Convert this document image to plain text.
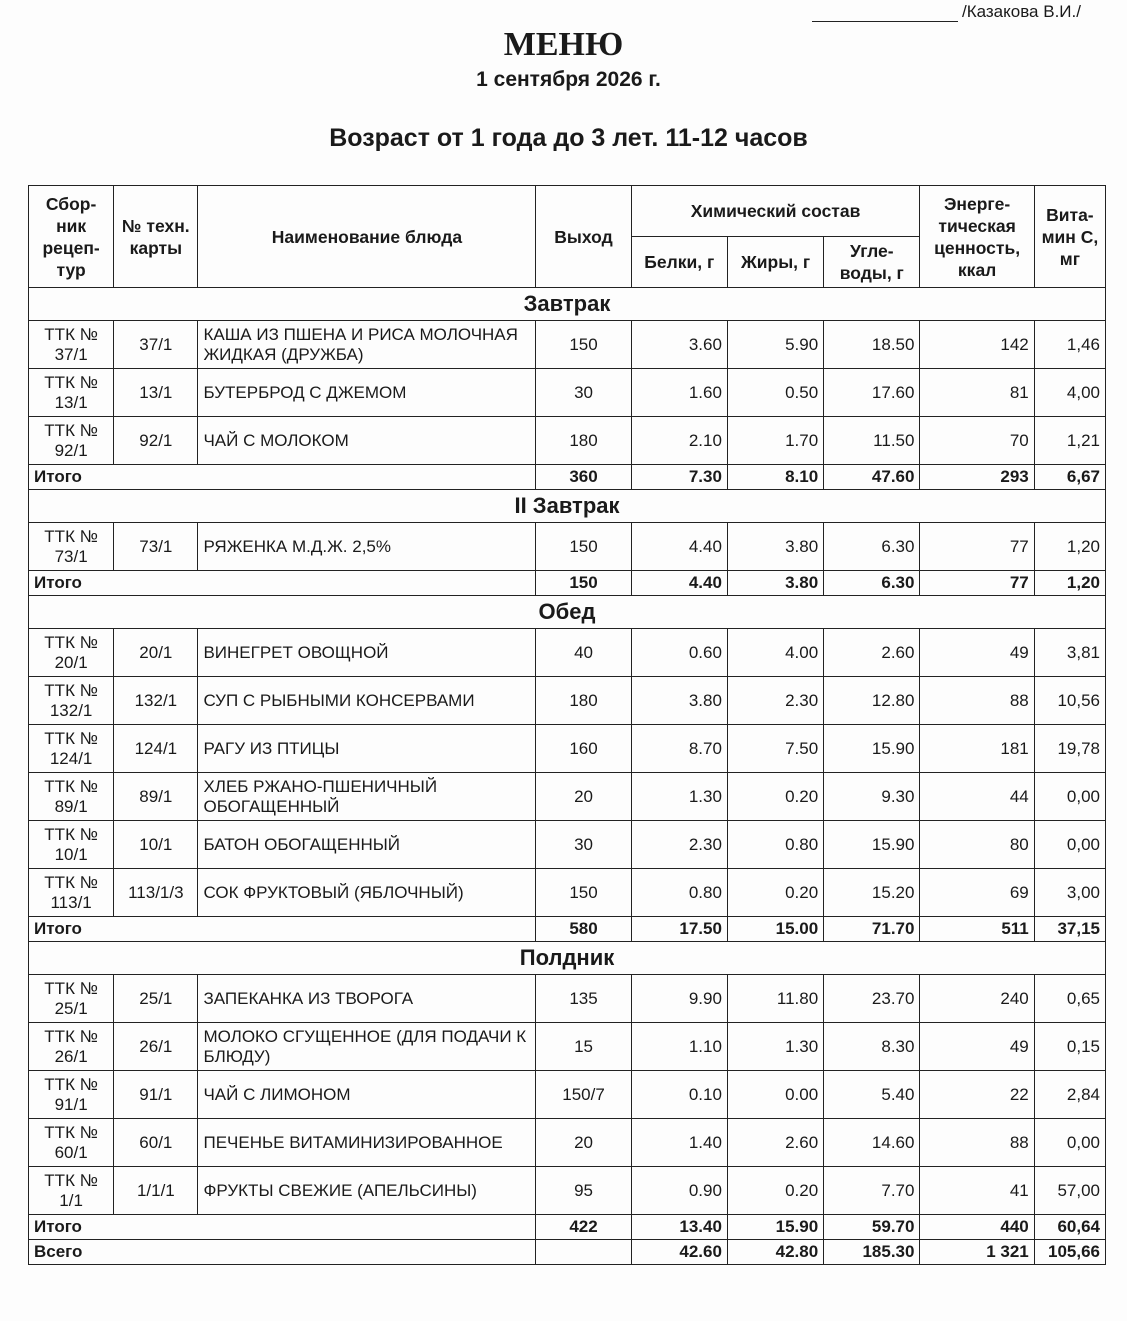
/Казакова В.И./
МЕНЮ
1 сентября 2026 г.
Возраст от 1 года до 3 лет. 11-12 часов
Сбор-ник рецеп-тур	№ техн. карты	Наименование блюда	Выход	Химический состав			Энерге-тическая ценность, ккал	Вита-мин С, мг
				Белки, г	Жиры, г	Угле-воды, г		
Завтрак								
ТТК № 37/1	37/1	КАША ИЗ ПШЕНА И РИСА МОЛОЧНАЯ ЖИДКАЯ (ДРУЖБА)	150	3.60	5.90	18.50	142	1,46
ТТК № 13/1	13/1	БУТЕРБРОД С ДЖЕМОМ	30	1.60	0.50	17.60	81	4,00
ТТК № 92/1	92/1	ЧАЙ С МОЛОКОМ	180	2.10	1.70	11.50	70	1,21
Итого			360	7.30	8.10	47.60	293	6,67
II Завтрак								
ТТК № 73/1	73/1	РЯЖЕНКА М.Д.Ж. 2,5%	150	4.40	3.80	6.30	77	1,20
Итого			150	4.40	3.80	6.30	77	1,20
Обед								
ТТК № 20/1	20/1	ВИНЕГРЕТ ОВОЩНОЙ	40	0.60	4.00	2.60	49	3,81
ТТК № 132/1	132/1	СУП С РЫБНЫМИ КОНСЕРВАМИ	180	3.80	2.30	12.80	88	10,56
ТТК № 124/1	124/1	РАГУ ИЗ ПТИЦЫ	160	8.70	7.50	15.90	181	19,78
ТТК № 89/1	89/1	ХЛЕБ РЖАНО-ПШЕНИЧНЫЙ ОБОГАЩЕННЫЙ	20	1.30	0.20	9.30	44	0,00
ТТК № 10/1	10/1	БАТОН ОБОГАЩЕННЫЙ	30	2.30	0.80	15.90	80	0,00
ТТК № 113/1	113/1/3	СОК ФРУКТОВЫЙ (ЯБЛОЧНЫЙ)	150	0.80	0.20	15.20	69	3,00
Итого			580	17.50	15.00	71.70	511	37,15
Полдник								
ТТК № 25/1	25/1	ЗАПЕКАНКА ИЗ ТВОРОГА	135	9.90	11.80	23.70	240	0,65
ТТК № 26/1	26/1	МОЛОКО СГУЩЕННОЕ (ДЛЯ ПОДАЧИ К БЛЮДУ)	15	1.10	1.30	8.30	49	0,15
ТТК № 91/1	91/1	ЧАЙ С ЛИМОНОМ	150/7	0.10	0.00	5.40	22	2,84
ТТК № 60/1	60/1	ПЕЧЕНЬЕ ВИТАМИНИЗИРОВАННОЕ	20	1.40	2.60	14.60	88	0,00
ТТК № 1/1	1/1/1	ФРУКТЫ СВЕЖИЕ (АПЕЛЬСИНЫ)	95	0.90	0.20	7.70	41	57,00
Итого			422	13.40	15.90	59.70	440	60,64
Всего				42.60	42.80	185.30	1 321	105,66
